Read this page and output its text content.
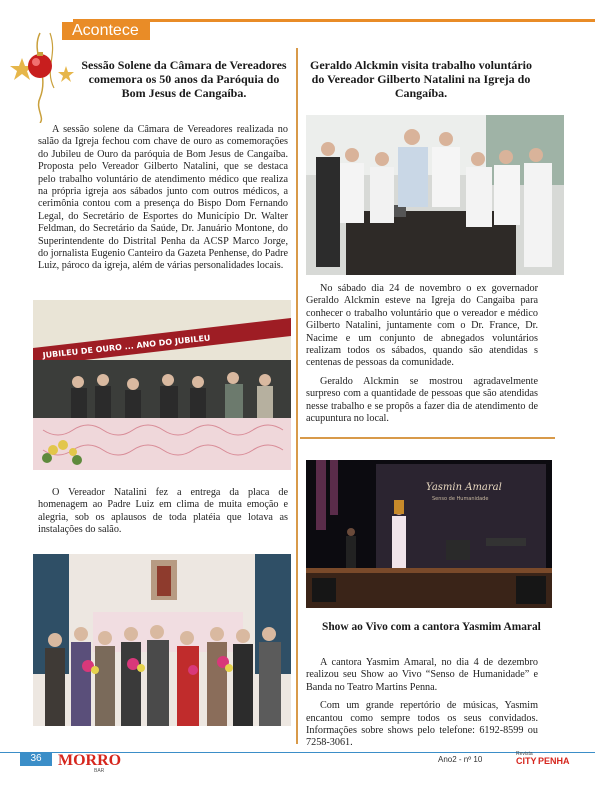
Acontece
Sessão Solene da Câmara de Vereadores comemora os 50 anos da Paróquia do Bom Jesus de Cangaíba.

A sessão solene da Câmara de Vereadores realizada no salão da Igreja fechou com chave de ouro as comemorações do Jubileu de Ouro da paróquia de Bom Jesus de Cangaíba. Proposta pelo Vereador Gilberto Natalini, que se destaca pelo trabalho voluntário de atendimento médico que realiza na própria igreja aos sábados junto com outros médicos, a cerimônia contou com a presença do Bispo Dom Fernando Legal, do Secretário de Esportes do Município Dr. Walter Feldman, do Secretário da Saúde, Dr. Januário Montone, do Superintendente do Distrital Penha da ACSP Marco Jorge, do jornalista Eugenio Canteiro da Gazeta Penhense, do Padre Luiz, pároco da igreja, além de várias personalidades locais.

JUBILEU DE OURO ... ANO DO JUBILEU

O Vereador Natalini fez a entrega da placa de homenagem ao Padre Luiz em clima de muita emoção e alegria, sob os aplausos de toda platéia que lotava as instalações do salão.

Geraldo Alckmin visita trabalho voluntário do Vereador Gilberto Natalini na Igreja do Cangaíba.

No sábado dia 24 de novembro o ex governador Geraldo Alckmin esteve na Igreja do Cangaiba para conhecer o trabalho voluntário que o vereador e médico Gilberto Natalini, juntamente com o Dr. France, Dr. Nacime e um conjunto de abnegados voluntários realizam todos os sábados, quando são atendidas s centenas de pessoas da comunidade.

Geraldo Alckmin se mostrou agradavelmente surpreso com a quantidade de pessoas que são atendidas nesse trabalho e se propôs a fazer dia de atendimento de acupuntura no local.

Yasmin Amaral
Senso de Humanidade
Show ao Vivo com a cantora Yasmim Amaral

A cantora Yasmim Amaral, no dia 4 de dezembro realizou seu Show ao Vivo “Senso de Humanidade” e Banda no Teatro Martins Penna.

Com um grande repertório de músicas, Yasmim encantou como sempre todos os seus convidados. Informações sobre shows pelo telefone: 6192-8599 ou 7258-3061.

36	MORRO
BAR
Ano2 - nº 10
Revista
CITY PENHA
